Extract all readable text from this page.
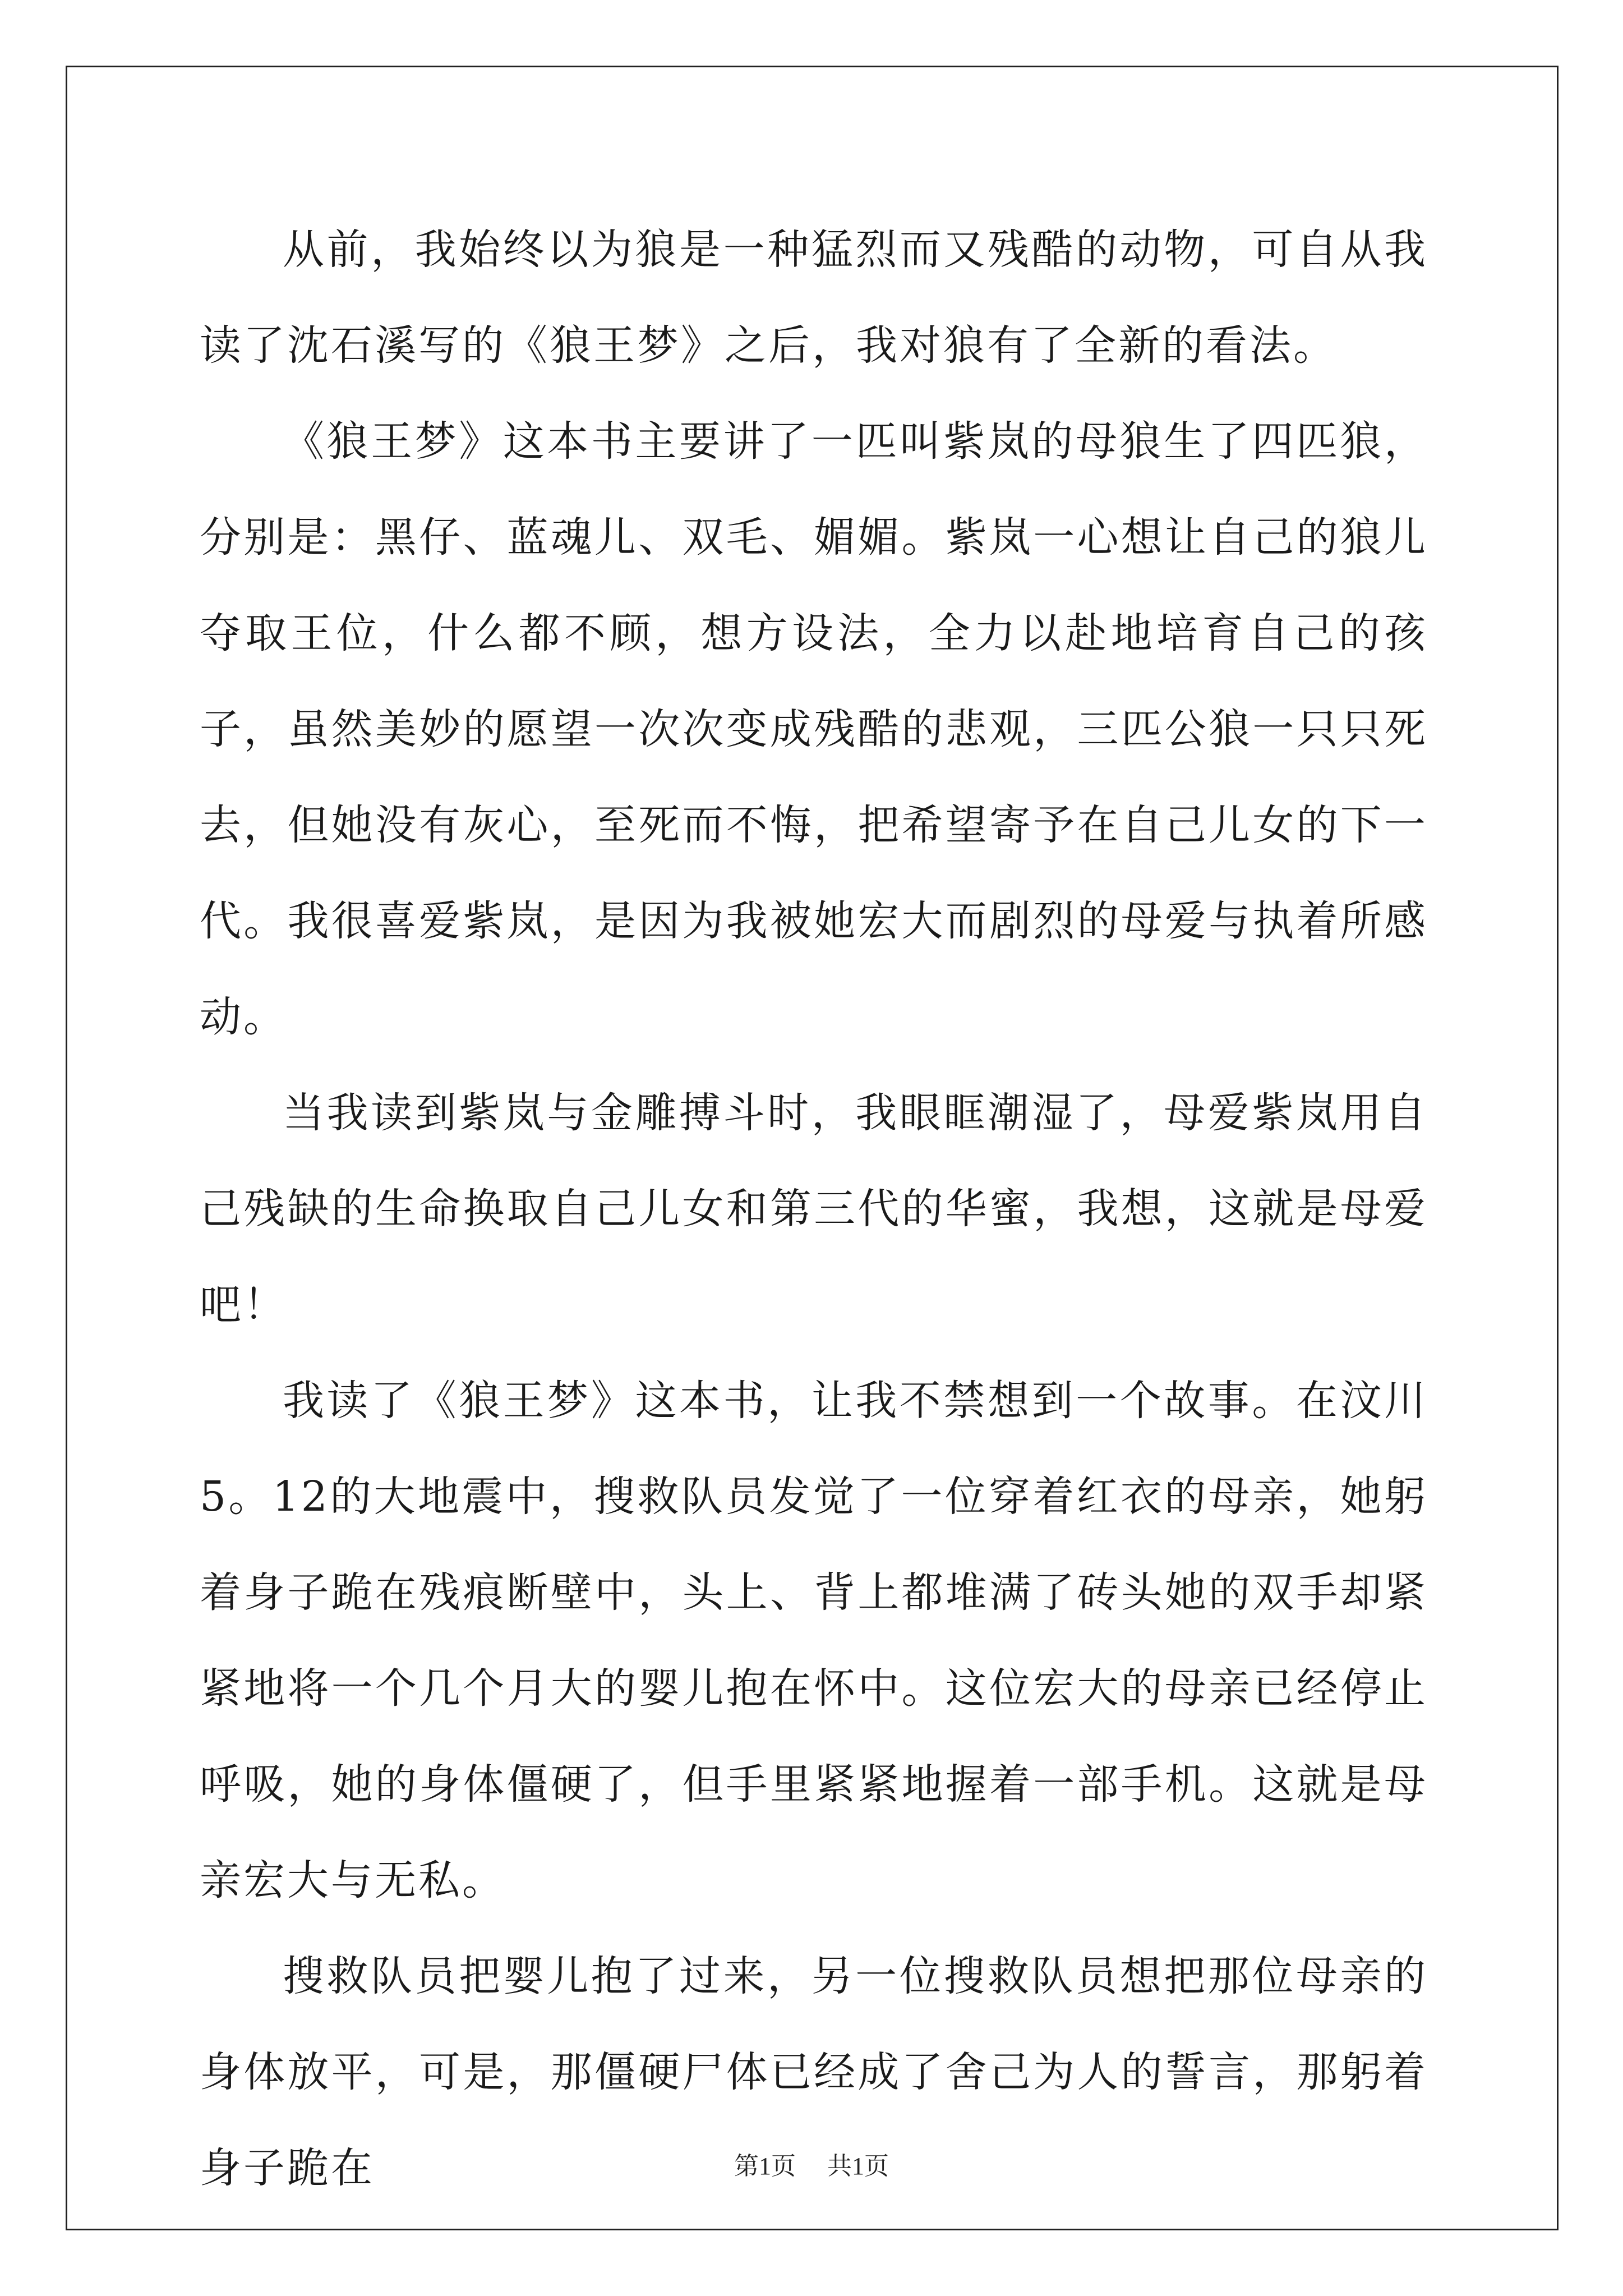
从前，我始终以为狼是一种猛烈而又残酷的动物，可自从我读了沈石溪写的《狼王梦》之后，我对狼有了全新的看法。

《狼王梦》这本书主要讲了一匹叫紫岚的母狼生了四匹狼，分别是：黑仔、蓝魂儿、双毛、媚媚。紫岚一心想让自己的狼儿夺取王位，什么都不顾，想方设法，全力以赴地培育自己的孩子，虽然美妙的愿望一次次变成残酷的悲观，三匹公狼一只只死去，但她没有灰心，至死而不悔，把希望寄予在自己儿女的下一代。我很喜爱紫岚，是因为我被她宏大而剧烈的母爱与执着所感动。

当我读到紫岚与金雕搏斗时，我眼眶潮湿了，母爱紫岚用自己残缺的生命换取自己儿女和第三代的华蜜，我想，这就是母爱吧！

我读了《狼王梦》这本书，让我不禁想到一个故事。在汶川5。12的大地震中，搜救队员发觉了一位穿着红衣的母亲，她躬着身子跪在残痕断壁中，头上、背上都堆满了砖头她的双手却紧紧地将一个几个月大的婴儿抱在怀中。这位宏大的母亲已经停止呼吸，她的身体僵硬了，但手里紧紧地握着一部手机。这就是母亲宏大与无私。

搜救队员把婴儿抱了过来，另一位搜救队员想把那位母亲的身体放平，可是，那僵硬尸体已经成了舍己为人的誓言，那躬着身子跪在	第1页 共1页
